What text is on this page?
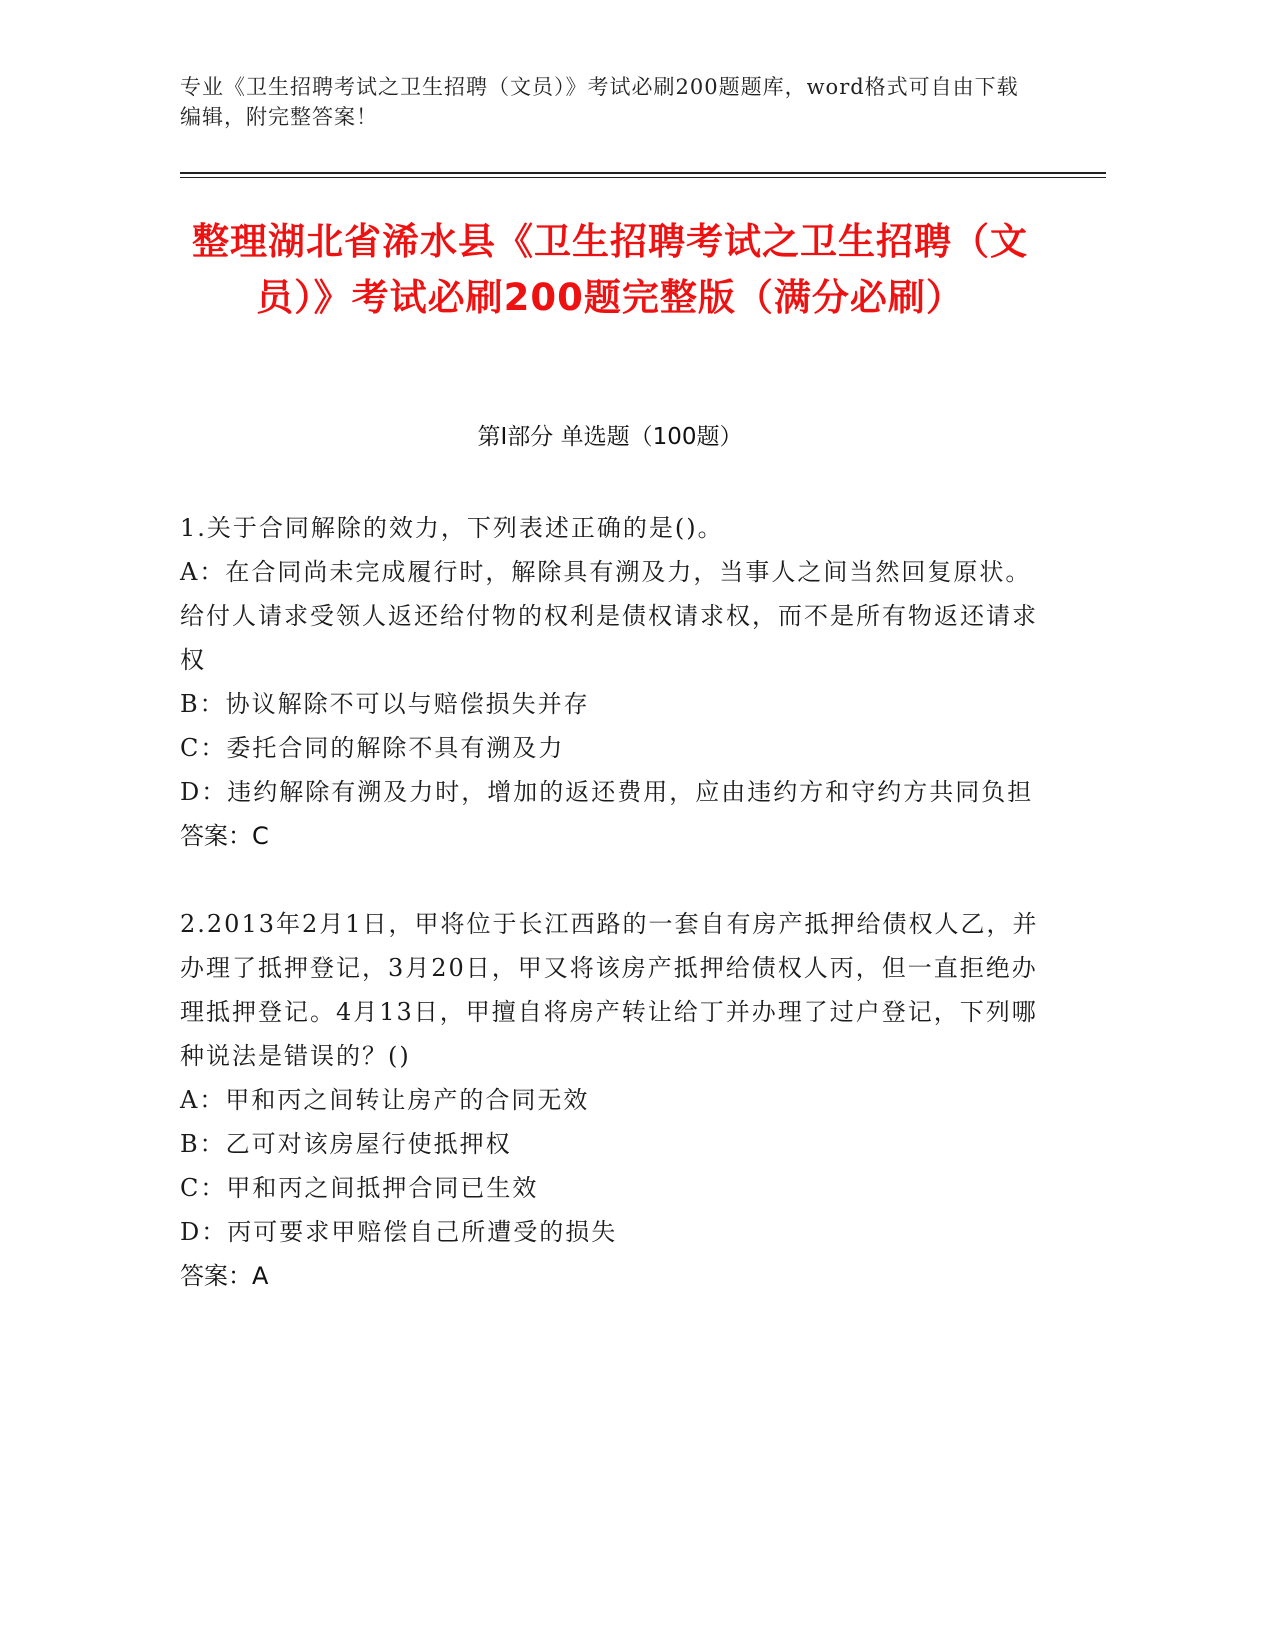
专业《卫生招聘考试之卫生招聘（文员）》考试必刷200题题库，word格式可自由下载编辑，附完整答案！
整理湖北省浠水县《卫生招聘考试之卫生招聘（文员）》考试必刷200题完整版（满分必刷）
第I部分 单选题（100题）

1.关于合同解除的效力，下列表述正确的是()。

A：在合同尚未完成履行时，解除具有溯及力，当事人之间当然回复原状。给付人请求受领人返还给付物的权利是债权请求权，而不是所有物返还请求权

B：协议解除不可以与赔偿损失并存

C：委托合同的解除不具有溯及力

D：违约解除有溯及力时，增加的返还费用，应由违约方和守约方共同负担

答案：C

2.2013年2月1日，甲将位于长江西路的一套自有房产抵押给债权人乙，并办理了抵押登记，3月20日，甲又将该房产抵押给债权人丙，但一直拒绝办理抵押登记。4月13日，甲擅自将房产转让给丁并办理了过户登记，下列哪种说法是错误的？()

A：甲和丙之间转让房产的合同无效

B：乙可对该房屋行使抵押权

C：甲和丙之间抵押合同已生效

D：丙可要求甲赔偿自己所遭受的损失

答案：A
